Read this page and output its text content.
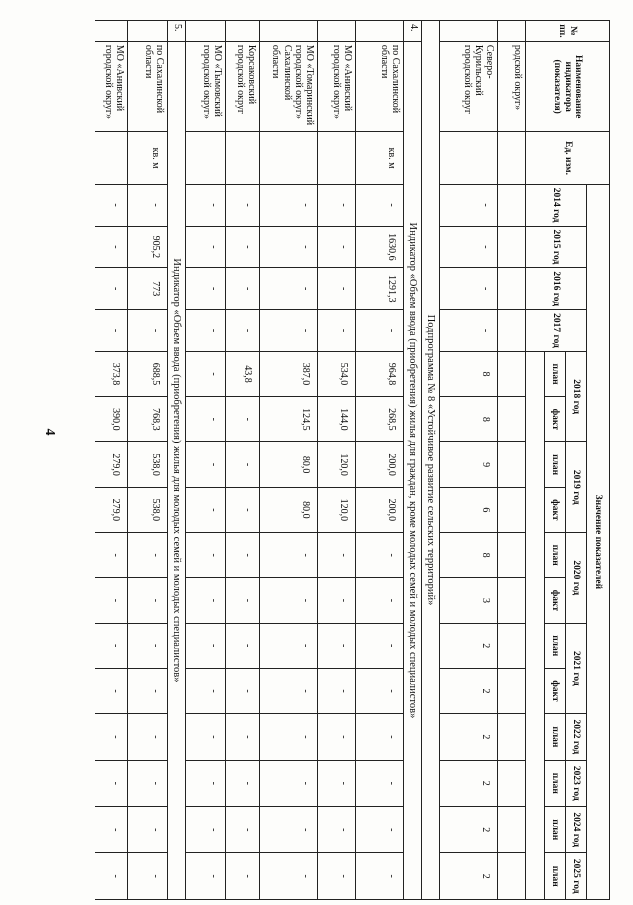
4
№ пп.	Наименование индикатора (показателя)	Ед. изм.	Значение показателей															
			2014 год	2015 год	2016 год	2017 год	2018 год		2019 год		2020 год		2021 год		2022 год	2023 год	2024 год	2025 год
							план	факт	план	факт	план	факт	план	факт	план	план	план	план

	родской округ»																	
	Северо-Курильский городской округ		-	-	-	-	8	8	9	6	8	3	2	2	2	2	2	2
Подпрограмма № 8 «Устойчивое развитие сельских территорий»																		
4.	Индикатор «Объем ввода (приобретения) жилья для граждан, кроме молодых семей и молодых специалистов»																	
	по Сахалинской области	кв. м	-	1630,6	1291,3	-	964,8	268,5	200,0	200,0	-	-	-	-	-	-	-	-
	МО «Анивский городской округ»		-	-	-	-	534,0	144,0	120,0	120,0	-	-	-	-	-	-	-	-
	МО «Томаринский городской округ» Сахалинской области		-	-	-	-	387,0	124,5	80,0	80,0	-	-	-	-	-	-	-	-
	Корсаковский городской округ		-	-	-	-	43,8	-	-	-	-	-	-	-	-	-	-	-
	МО «Тымовский городской округ»		-	-	-	-	-	-	-	-	-	-	-	-	-	-	-	-
5.	Индикатор «Объем ввода (приобретения) жилья для молодых семей и молодых специалистов»																	
	по Сахалинской области	кв. м	-	905,2	773	-	688,5	768,3	538,0	538,0	-	-	-	-	-	-	-	-
	МО «Анивский городской округ»		-	-	-	-	373,8	390,0	279,0	279,0	-	-	-	-	-	-	-	-
